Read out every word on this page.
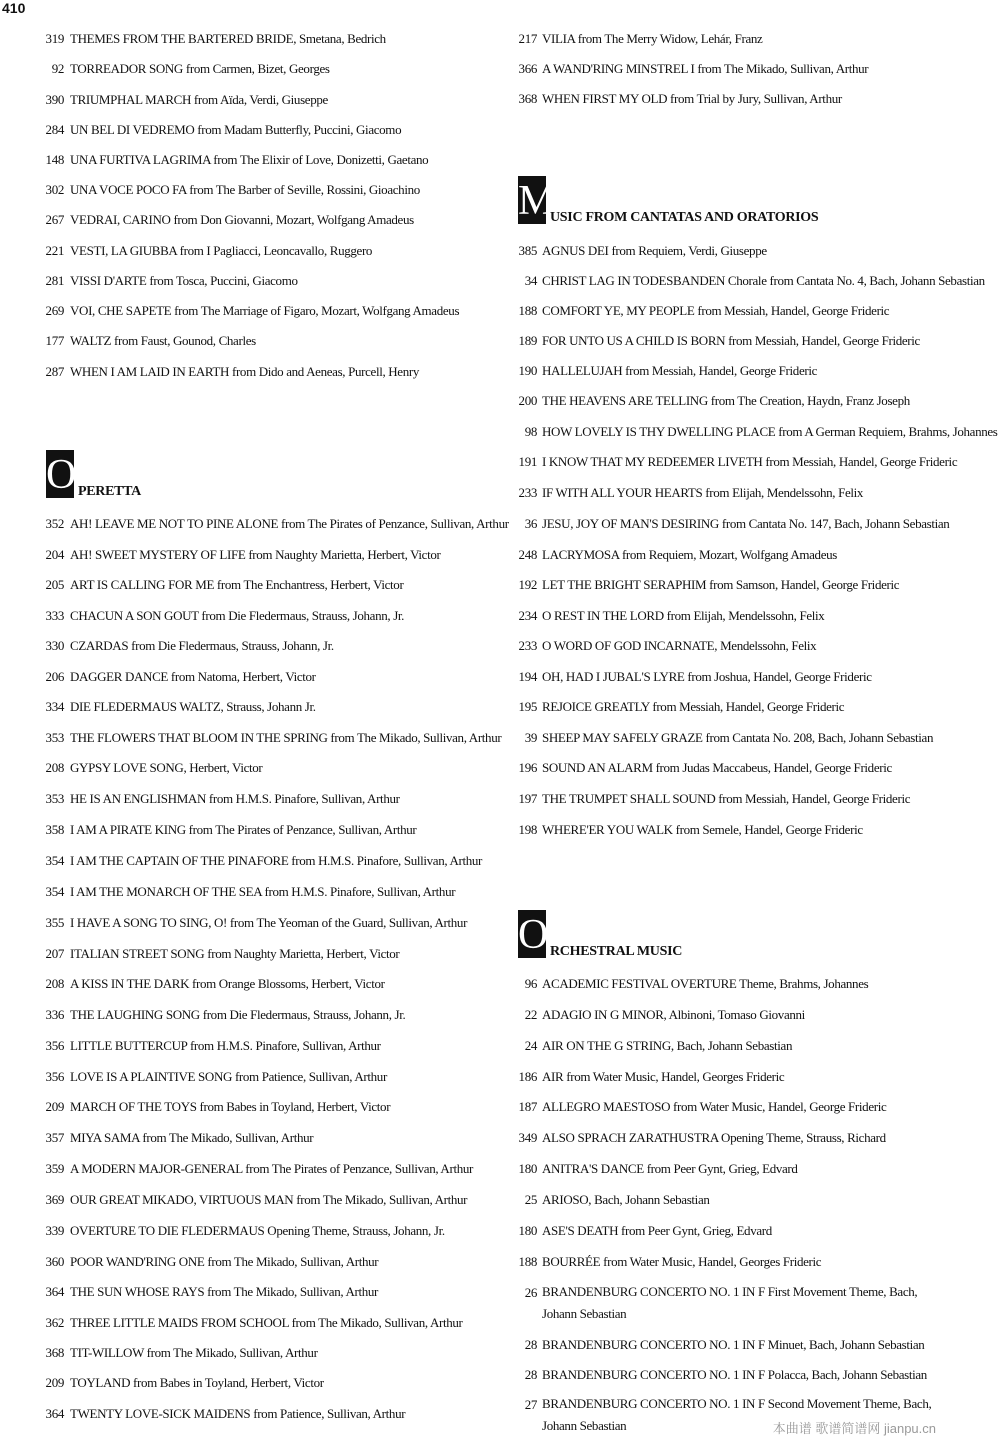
410
319 THEMES FROM THE BARTERED BRIDE, Smetana, Bedrich
92 TORREADOR SONG from Carmen, Bizet, Georges
390 TRIUMPHAL MARCH from Aïda, Verdi, Giuseppe
284 UN BEL DI VEDREMO from Madam Butterfly, Puccini, Giacomo
148 UNA FURTIVA LAGRIMA from The Elixir of Love, Donizetti, Gaetano
302 UNA VOCE POCO FA from The Barber of Seville, Rossini, Gioachino
267 VEDRAI, CARINO from Don Giovanni, Mozart, Wolfgang Amadeus
221 VESTI, LA GIUBBA from I Pagliacci, Leoncavallo, Ruggero
281 VISSI D'ARTE from Tosca, Puccini, Giacomo
269 VOI, CHE SAPETE from The Marriage of Figaro, Mozart, Wolfgang Amadeus
177 WALTZ from Faust, Gounod, Charles
287 WHEN I AM LAID IN EARTH from Dido and Aeneas, Purcell, Henry
O PERETTA
352 AH! LEAVE ME NOT TO PINE ALONE from The Pirates of Penzance, Sullivan, Arthur
204 AH! SWEET MYSTERY OF LIFE from Naughty Marietta, Herbert, Victor
205 ART IS CALLING FOR ME from The Enchantress, Herbert, Victor
333 CHACUN A SON GOUT from Die Fledermaus, Strauss, Johann, Jr.
330 CZARDAS from Die Fledermaus, Strauss, Johann, Jr.
206 DAGGER DANCE from Natoma, Herbert, Victor
334 DIE FLEDERMAUS WALTZ, Strauss, Johann Jr.
353 THE FLOWERS THAT BLOOM IN THE SPRING from The Mikado, Sullivan, Arthur
208 GYPSY LOVE SONG, Herbert, Victor
353 HE IS AN ENGLISHMAN from H.M.S. Pinafore, Sullivan, Arthur
358 I AM A PIRATE KING from The Pirates of Penzance, Sullivan, Arthur
354 I AM THE CAPTAIN OF THE PINAFORE from H.M.S. Pinafore, Sullivan, Arthur
354 I AM THE MONARCH OF THE SEA from H.M.S. Pinafore, Sullivan, Arthur
355 I HAVE A SONG TO SING, O! from The Yeoman of the Guard, Sullivan, Arthur
207 ITALIAN STREET SONG from Naughty Marietta, Herbert, Victor
208 A KISS IN THE DARK from Orange Blossoms, Herbert, Victor
336 THE LAUGHING SONG from Die Fledermaus, Strauss, Johann, Jr.
356 LITTLE BUTTERCUP from H.M.S. Pinafore, Sullivan, Arthur
356 LOVE IS A PLAINTIVE SONG from Patience, Sullivan, Arthur
209 MARCH OF THE TOYS from Babes in Toyland, Herbert, Victor
357 MIYA SAMA from The Mikado, Sullivan, Arthur
359 A MODERN MAJOR-GENERAL from The Pirates of Penzance, Sullivan, Arthur
369 OUR GREAT MIKADO, VIRTUOUS MAN from The Mikado, Sullivan, Arthur
339 OVERTURE TO DIE FLEDERMAUS Opening Theme, Strauss, Johann, Jr.
360 POOR WAND'RING ONE from The Mikado, Sullivan, Arthur
364 THE SUN WHOSE RAYS from The Mikado, Sullivan, Arthur
362 THREE LITTLE MAIDS FROM SCHOOL from The Mikado, Sullivan, Arthur
368 TIT-WILLOW from The Mikado, Sullivan, Arthur
209 TOYLAND from Babes in Toyland, Herbert, Victor
364 TWENTY LOVE-SICK MAIDENS from Patience, Sullivan, Arthur
217 VILIA from The Merry Widow, Lehár, Franz
366 A WAND'RING MINSTREL I from The Mikado, Sullivan, Arthur
368 WHEN FIRST MY OLD from Trial by Jury, Sullivan, Arthur
M
USIC FROM CANTATAS AND ORATORIOS
385 AGNUS DEI from Requiem, Verdi, Giuseppe
34 CHRIST LAG IN TODESBANDEN Chorale from Cantata No. 4, Bach, Johann Sebastian
188 COMFORT YE, MY PEOPLE from Messiah, Handel, George Frideric
189 FOR UNTO US A CHILD IS BORN from Messiah, Handel, George Frideric
190 HALLELUJAH from Messiah, Handel, George Frideric
200 THE HEAVENS ARE TELLING from The Creation, Haydn, Franz Joseph
98 HOW LOVELY IS THY DWELLING PLACE from A German Requiem, Brahms, Johannes
191 I KNOW THAT MY REDEEMER LIVETH from Messiah, Handel, George Frideric
233 IF WITH ALL YOUR HEARTS from Elijah, Mendelssohn, Felix
36 JESU, JOY OF MAN'S DESIRING from Cantata No. 147, Bach, Johann Sebastian
248 LACRYMOSA from Requiem, Mozart, Wolfgang Amadeus
192 LET THE BRIGHT SERAPHIM from Samson, Handel, George Frideric
234 O REST IN THE LORD from Elijah, Mendelssohn, Felix
233 O WORD OF GOD INCARNATE, Mendelssohn, Felix
194 OH, HAD I JUBAL'S LYRE from Joshua, Handel, George Frideric
195 REJOICE GREATLY from Messiah, Handel, George Frideric
39 SHEEP MAY SAFELY GRAZE from Cantata No. 208, Bach, Johann Sebastian
196 SOUND AN ALARM from Judas Maccabeus, Handel, George Frideric
197 THE TRUMPET SHALL SOUND from Messiah, Handel, George Frideric
198 WHERE'ER YOU WALK from Semele, Handel, George Frideric
O RCHESTRAL MUSIC
96 ACADEMIC FESTIVAL OVERTURE Theme, Brahms, Johannes
22 ADAGIO IN G MINOR, Albinoni, Tomaso Giovanni
24 AIR ON THE G STRING, Bach, Johann Sebastian
186 AIR from Water Music, Handel, Georges Frideric
187 ALLEGRO MAESTOSO from Water Music, Handel, George Frideric
349 ALSO SPRACH ZARATHUSTRA Opening Theme, Strauss, Richard
180 ANITRA'S DANCE from Peer Gynt, Grieg, Edvard
25 ARIOSO, Bach, Johann Sebastian
180 ASE'S DEATH from Peer Gynt, Grieg, Edvard
188 BOURRÉE from Water Music, Handel, Georges Frideric
26 BRANDENBURG CONCERTO NO. 1 IN F First Movement Theme, Bach, Johann Sebastian
28 BRANDENBURG CONCERTO NO. 1 IN F Minuet, Bach, Johann Sebastian
28 BRANDENBURG CONCERTO NO. 1 IN F Polacca, Bach, Johann Sebastian
27 BRANDENBURG CONCERTO NO. 1 IN F Second Movement Theme, Bach, Johann Sebastian	本曲谱 歌谱简谱网 jianpu.cn
